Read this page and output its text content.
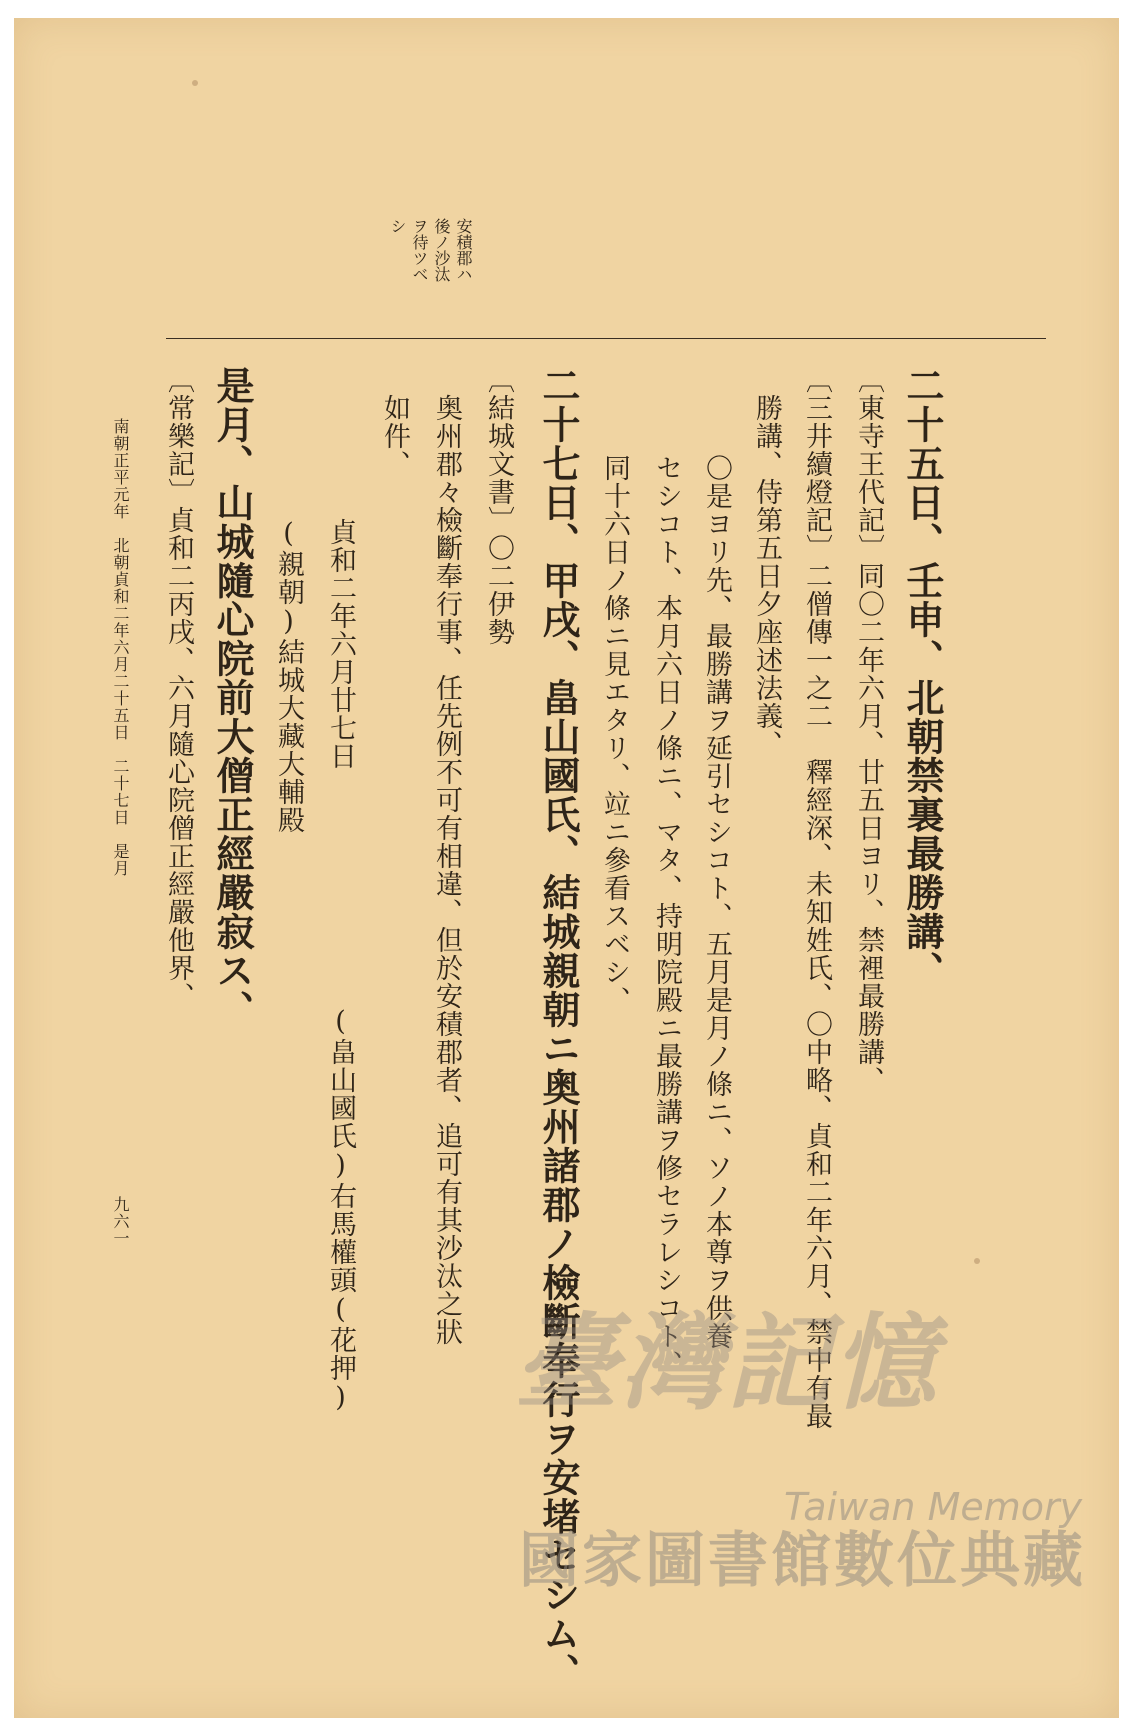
安積郡ハ
後ノ沙汰
ヲ待ツベ
シ
二十五日、壬申、北朝禁裏最勝講、
〔東寺王代記〕同〇二年六月、廿五日ヨリ、禁裡最勝講、
〔三井續燈記〕二僧傳一之二　釋經深、未知姓氏、〇中略、貞和二年六月、禁中有最
勝講、侍第五日夕座述法義、
〇是ヨリ先、最勝講ヲ延引セシコト、五月是月ノ條ニ、ソノ本尊ヲ供養
セシコト、本月六日ノ條ニ、マタ、持明院殿ニ最勝講ヲ修セラレシコト、
同十六日ノ條ニ見エタリ、竝ニ參看スベシ、
二十七日、甲戌、畠山國氏、結城親朝ニ奥州諸郡ノ檢斷奉行ヲ安堵セシム、
〔結城文書〕〇二伊勢
奥州郡々檢斷奉行事、任先例不可有相違、但於安積郡者、追可有其沙汰之狀
如件、
(畠山國氏)右馬權頭(花押)
貞和二年六月廿七日
(親朝)結城大藏大輔殿
是月、山城隨心院前大僧正經嚴寂ス、
〔常樂記〕貞和二丙戌、六月隨心院僧正經嚴他界、
南朝正平元年　北朝貞和二年六月二十五日　二十七日　是月
九六一
臺灣記憶
Taiwan Memory
國家圖書館數位典藏
